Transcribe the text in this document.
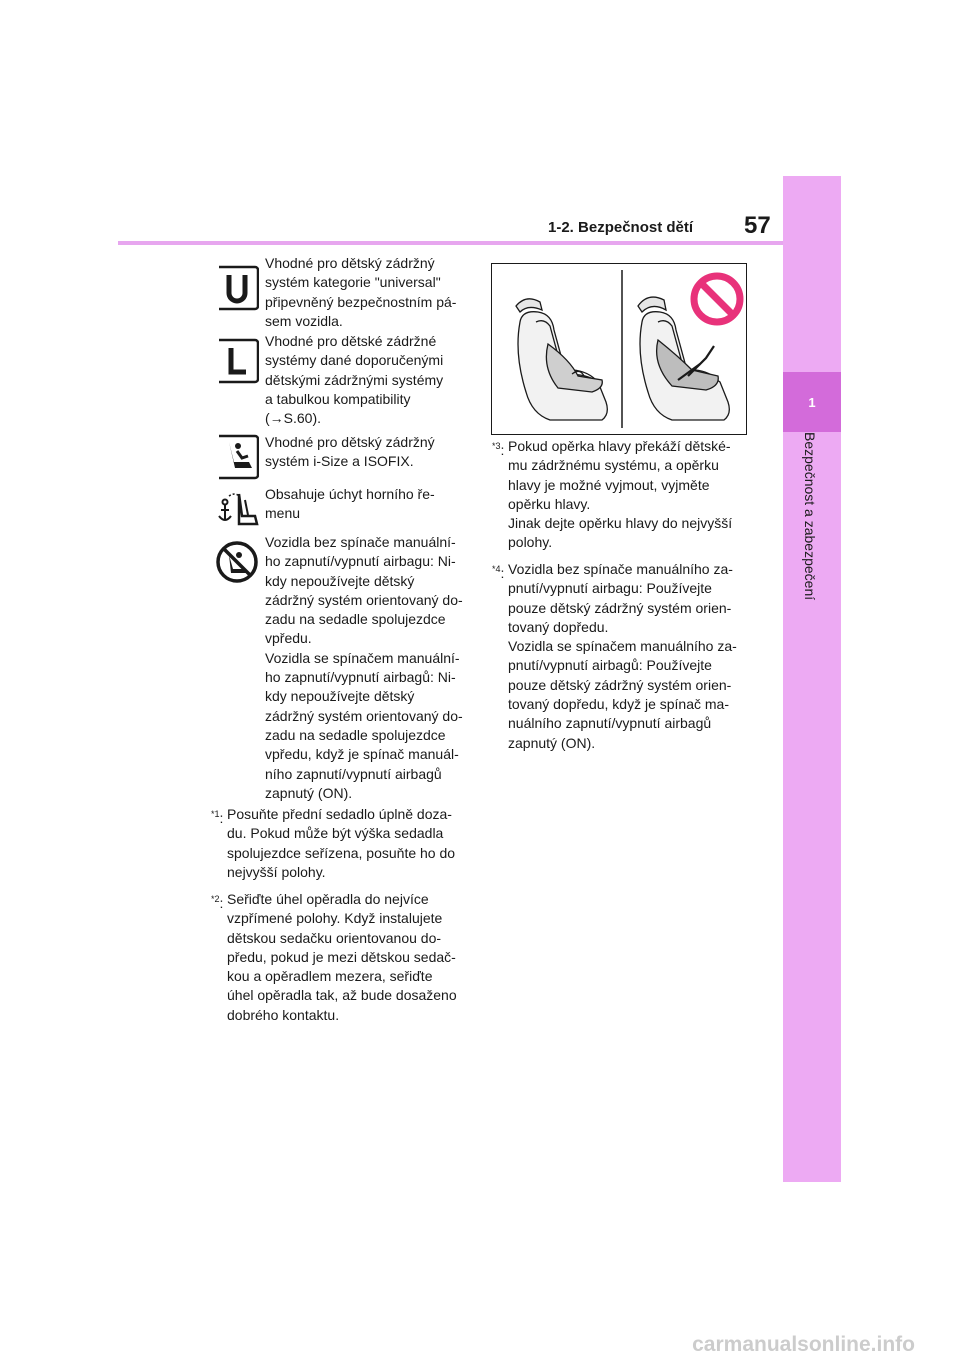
1-2. Bezpečnost dětí 57
1
Bezpečnost a zabezpečení
Vhodné pro dětský zádržný
systém kategorie "universal"
připevněný bezpečnostním pá-
sem vozidla.
Vhodné pro dětské zádržné
systémy dané doporučenými
dětskými zádržnými systémy
a tabulkou kompatibility
(→S.60).
Vhodné pro dětský zádržný
systém i-Size a ISOFIX.
Obsahuje úchyt horního ře-
menu
Vozidla bez spínače manuální-
ho zapnutí/vypnutí airbagu: Ni-
kdy nepoužívejte dětský
zádržný systém orientovaný do-
zadu na sedadle spolujezdce
vpředu.
Vozidla se spínačem manuální-
ho zapnutí/vypnutí airbagů: Ni-
kdy nepoužívejte dětský
zádržný systém orientovaný do-
zadu na sedadle spolujezdce
vpředu, když je spínač manuál-
ního zapnutí/vypnutí airbagů
zapnutý (ON).
$^{*1}$: Posuňte přední sedadlo úplně doza-
du. Pokud může být výška sedadla
spolujezdce seřízena, posuňte ho do
nejvyšší polohy.
$^{*2}$: Seřiďte úhel opěradla do nejvíce
vzpřímené polohy. Když instalujete
dětskou sedačku orientovanou do-
předu, pokud je mezi dětskou sedač-
kou a opěradlem mezera, seřiďte
úhel opěradla tak, až bude dosaženo
dobrého kontaktu.
$^{*3}$: Pokud opěrka hlavy překáží dětské-
mu zádržnému systému, a opěrku
hlavy je možné vyjmout, vyjměte
opěrku hlavy.
Jinak dejte opěrku hlavy do nejvyšší
polohy.
$^{*4}$: Vozidla bez spínače manuálního za-
pnutí/vypnutí airbagu: Používejte
pouze dětský zádržný systém orien-
tovaný dopředu.
Vozidla se spínačem manuálního za-
pnutí/vypnutí airbagů: Používejte
pouze dětský zádržný systém orien-
tovaný dopředu, když je spínač ma-
nuálního zapnutí/vypnutí airbagů
zapnutý (ON).
carmanualsonline.info
